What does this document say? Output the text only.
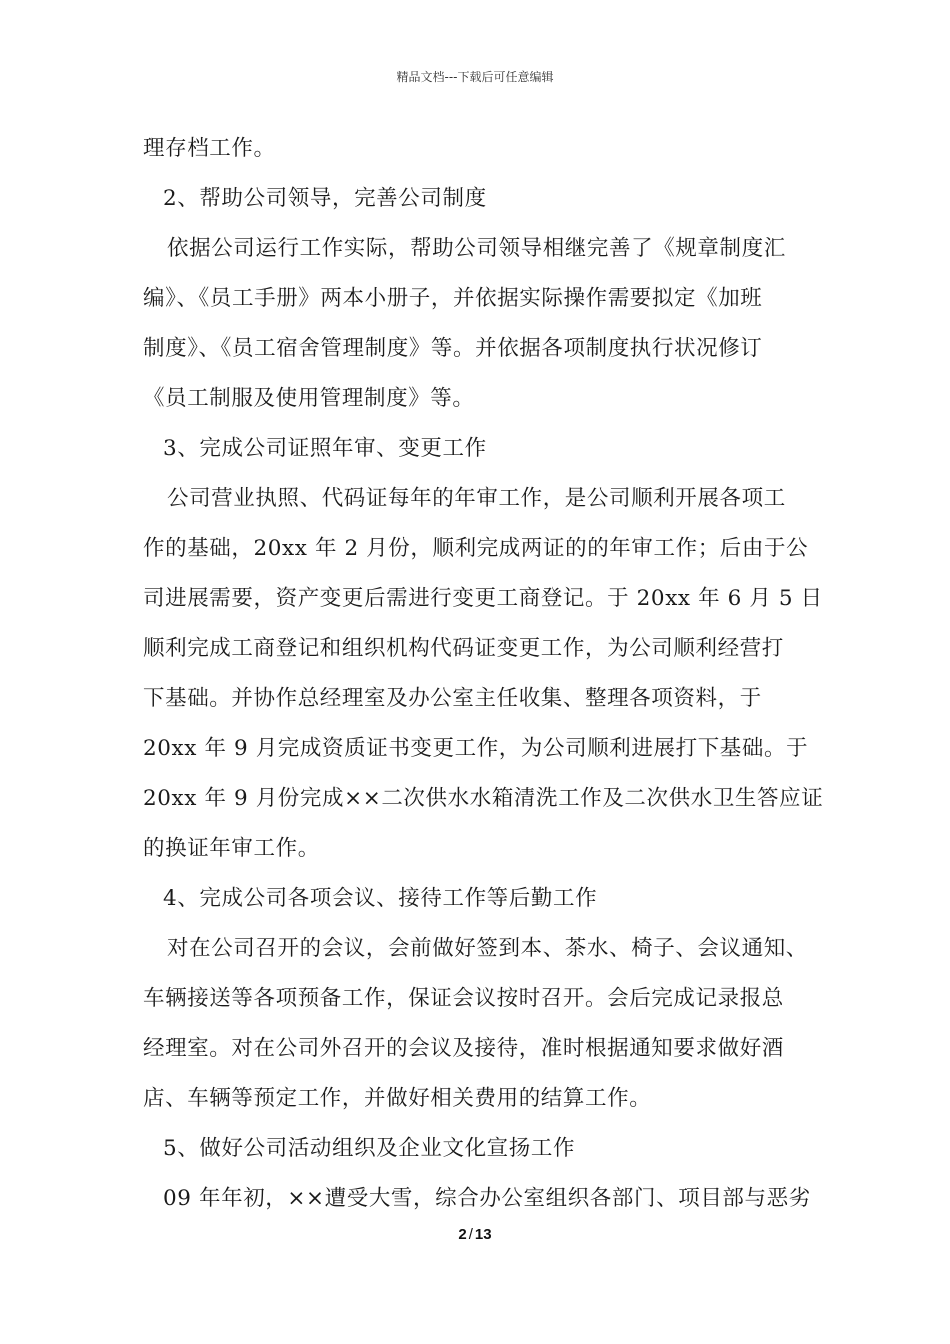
精品文档---下载后可任意编辑
理存档工作。
2、帮助公司领导，完善公司制度
依据公司运行工作实际，帮助公司领导相继完善了《规章制度汇
编》、《员工手册》两本小册子，并依据实际操作需要拟定《加班
制度》、《员工宿舍管理制度》等。并依据各项制度执行状况修订
《员工制服及使用管理制度》等。
3、完成公司证照年审、变更工作
公司营业执照、代码证每年的年审工作，是公司顺利开展各项工
作的基础，20xx 年 2 月份，顺利完成两证的的年审工作；后由于公
司进展需要，资产变更后需进行变更工商登记。于 20xx 年 6 月 5 日
顺利完成工商登记和组织机构代码证变更工作，为公司顺利经营打
下基础。并协作总经理室及办公室主任收集、整理各项资料，于
20xx 年 9 月完成资质证书变更工作，为公司顺利进展打下基础。于
20xx 年 9 月份完成××二次供水水箱清洗工作及二次供水卫生答应证
的换证年审工作。
4、完成公司各项会议、接待工作等后勤工作
对在公司召开的会议，会前做好签到本、茶水、椅子、会议通知、
车辆接送等各项预备工作，保证会议按时召开。会后完成记录报总
经理室。对在公司外召开的会议及接待，准时根据通知要求做好酒
店、车辆等预定工作，并做好相关费用的结算工作。
5、做好公司活动组织及企业文化宣扬工作
09 年年初，××遭受大雪，综合办公室组织各部门、项目部与恶劣
2 / 13
